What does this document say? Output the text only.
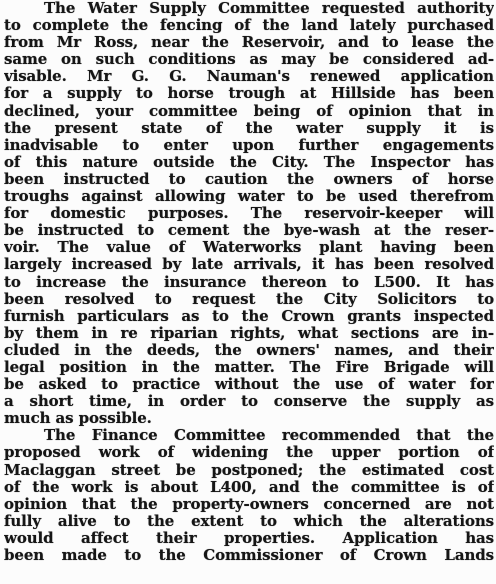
The Water Supply Committee requested authority
to complete the fencing of the land lately purchased
from Mr Ross, near the Reservoir, and to lease the
same on such conditions as may be considered ad-
visable. Mr G. G. Nauman's renewed application
for a supply to horse trough at Hillside has been
declined, your committee being of opinion that in
the present state of the water supply it is
inadvisable to enter upon further engagements
of this nature outside the City. The Inspector has
been instructed to caution the owners of horse
troughs against allowing water to be used therefrom
for domestic purposes. The reservoir-keeper will
be instructed to cement the bye-wash at the reser-
voir. The value of Waterworks plant having been
largely increased by late arrivals, it has been resolved
to increase the insurance thereon to L500. It has
been resolved to request the City Solicitors to
furnish particulars as to the Crown grants inspected
by them in re riparian rights, what sections are in-
cluded in the deeds, the owners' names, and their
legal position in the matter. The Fire Brigade will
be asked to practice without the use of water for
a short time, in order to conserve the supply as
much as possible.
The Finance Committee recommended that the
proposed work of widening the upper portion of
Maclaggan street be postponed; the estimated cost
of the work is about L400, and the committee is of
opinion that the property-owners concerned are not
fully alive to the extent to which the alterations
would affect their properties. Application has
been made to the Commissioner of Crown Lands
